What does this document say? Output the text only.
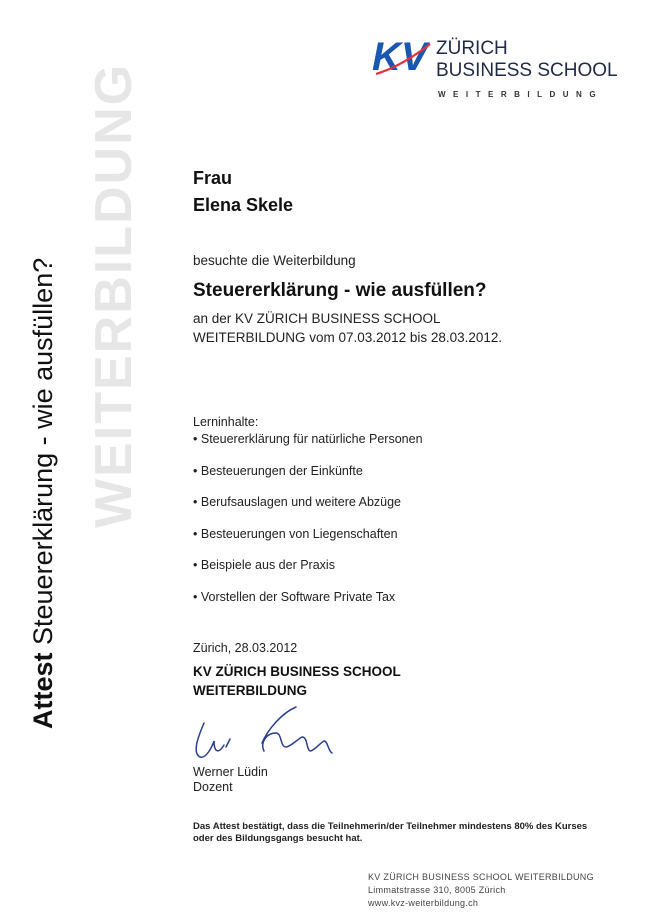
Attest Steuererklärung - wie ausfüllen? WEITERBILDUNG
KV ZÜRICH
BUSINESS SCHOOL
WEITERBILDUNG
Frau
Elena Skele
besuchte die Weiterbildung
Steuererklärung - wie ausfüllen?
an der KV ZÜRICH BUSINESS SCHOOL
WEITERBILDUNG vom 07.03.2012 bis 28.03.2012.
Lerninhalte:
• Steuererklärung für natürliche Personen
• Besteuerungen der Einkünfte
• Berufsauslagen und weitere Abzüge
• Besteuerungen von Liegenschaften
• Beispiele aus der Praxis
• Vorstellen der Software Private Tax
Zürich, 28.03.2012
KV ZÜRICH BUSINESS SCHOOL
WEITERBILDUNG
Werner Lüdin
Dozent
Das Attest bestätigt, dass die Teilnehmerin/der Teilnehmer mindestens 80% des Kurses
oder des Bildungsgangs besucht hat.
KV ZÜRICH BUSINESS SCHOOL WEITERBILDUNG
Limmatstrasse 310, 8005 Zürich
www.kvz-weiterbildung.ch
